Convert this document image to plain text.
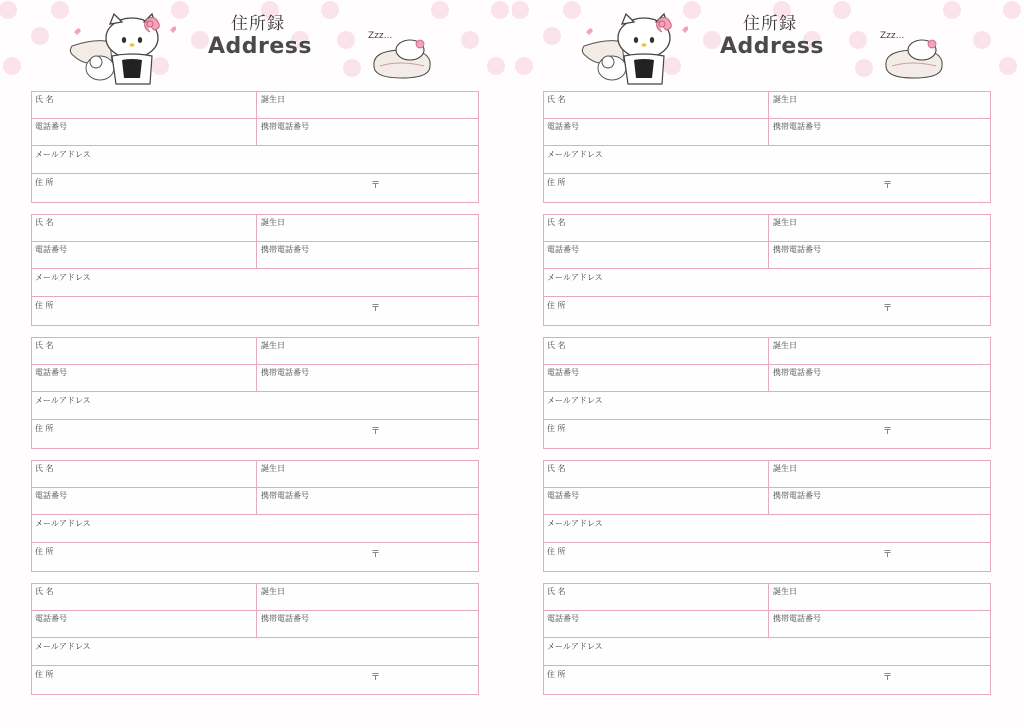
住所録
Address	Zzz...
氏 名	誕生日
電話番号	携帯電話番号
メールアドレス
住 所	〒
氏 名	誕生日
電話番号	携帯電話番号
メールアドレス
住 所	〒
氏 名	誕生日
電話番号	携帯電話番号
メールアドレス
住 所	〒
氏 名	誕生日
電話番号	携帯電話番号
メールアドレス
住 所	〒
氏 名	誕生日
電話番号	携帯電話番号
メールアドレス
住 所	〒
住所録
Address	Zzz...
氏 名	誕生日
電話番号	携帯電話番号
メールアドレス
住 所	〒
氏 名	誕生日
電話番号	携帯電話番号
メールアドレス
住 所	〒
氏 名	誕生日
電話番号	携帯電話番号
メールアドレス
住 所	〒
氏 名	誕生日
電話番号	携帯電話番号
メールアドレス
住 所	〒
氏 名	誕生日
電話番号	携帯電話番号
メールアドレス
住 所	〒
